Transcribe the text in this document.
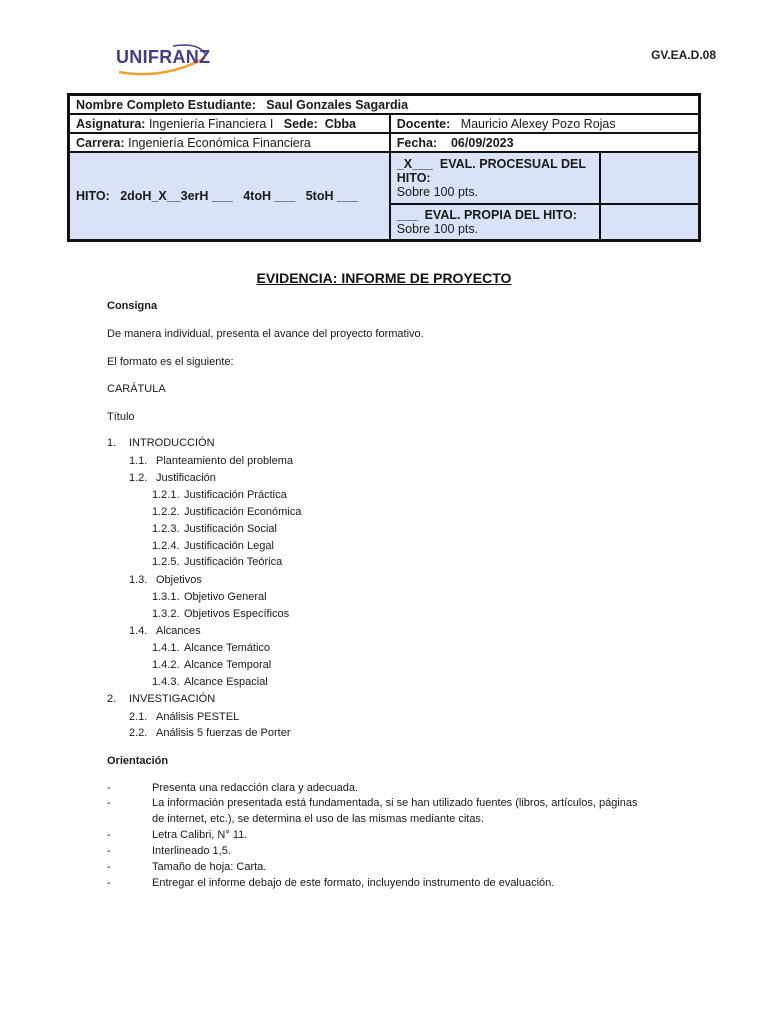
UNIFRANZ	GV.EA.D.08
Nombre Completo Estudiante: Saul Gonzales Sagardia		
Asignatura: Ingeniería Financiera I Sede: Cbba	Docente: Mauricio Alexey Pozo Rojas	
Carrera: Ingeniería Económica Financiera	Fecha: 06/09/2023	
HITO:   2doH_X__3erH ___   4toH ___   5toH ___	_X___  EVAL. PROCESUAL DEL
HITO:
Sobre 100 pts.	
	___  EVAL. PROPIA DEL HITO:
Sobre 100 pts.	
EVIDENCIA: INFORME DE PROYECTO
Consigna
De manera individual, presenta el avance del proyecto formativo.
El formato es el siguiente:
CARÁTULA
Título
1. INTRODUCCIÓN
1.1. Planteamiento del problema
1.2. Justificación
1.2.1. Justificación Práctica
1.2.2. Justificación Económica
1.2.3. Justificación Social
1.2.4. Justificación Legal
1.2.5. Justificación Teórica
1.3. Objetivos
1.3.1. Objetivo General
1.3.2. Objetivos Específicos
1.4. Alcances
1.4.1. Alcance Temático
1.4.2. Alcance Temporal
1.4.3. Alcance Espacial
2. INVESTIGACIÓN
2.1. Análisis PESTEL
2.2. Análisis 5 fuerzas de Porter
Orientación
-	Presenta una redacción clara y adecuada.
-	La información presentada está fundamentada, si se han utilizado fuentes (libros, artículos, páginas
de internet, etc.), se determina el uso de las mismas mediante citas.
-	Letra Calibri, N° 11.
-	Interlineado 1,5.
-	Tamaño de hoja: Carta.
-	Entregar el informe debajo de este formato, incluyendo instrumento de evaluación.
